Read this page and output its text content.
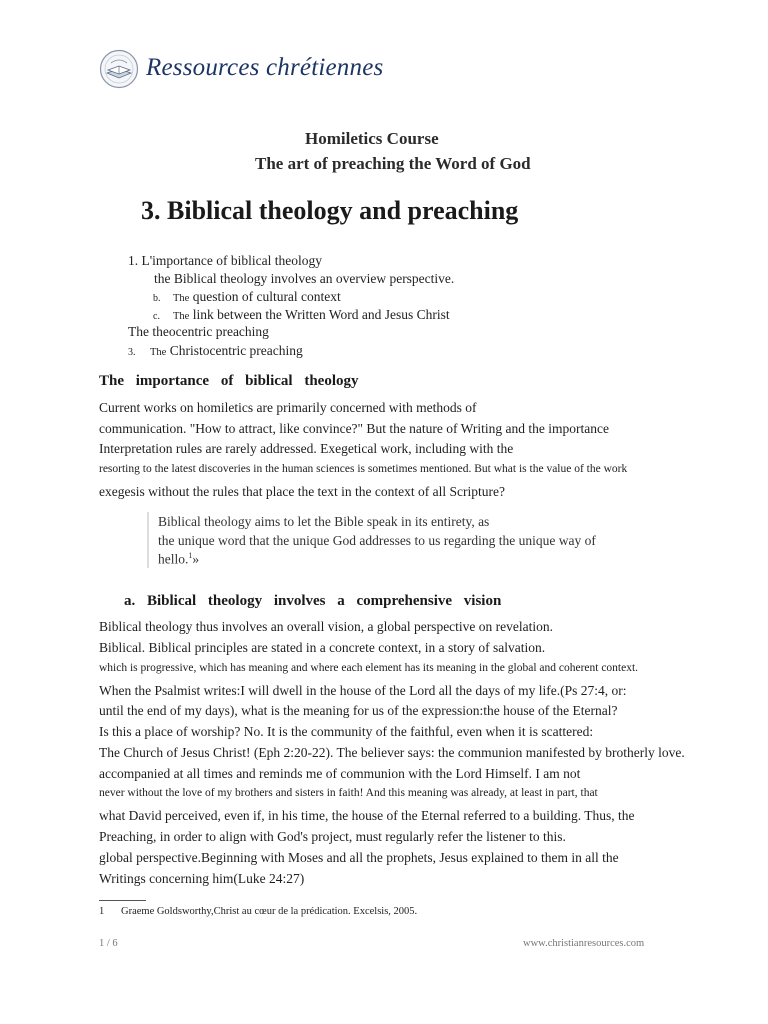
Ressources chrétiennes
Homiletics Course
The art of preaching the Word of God
3. Biblical theology and preaching
1. L'importance of biblical theology
the Biblical theology involves an overview perspective.
b. The question of cultural context
c. The link between the Written Word and Jesus Christ
The theocentric preaching
3. The Christocentric preaching
The importance of biblical theology
Current works on homiletics are primarily concerned with methods of
communication. "How to attract, like convince?" But the nature of Writing and the importance
Interpretation rules are rarely addressed. Exegetical work, including with the
resorting to the latest discoveries in the human sciences is sometimes mentioned. But what is the value of the work
exegesis without the rules that place the text in the context of all Scripture?
Biblical theology aims to let the Bible speak in its entirety, as
the unique word that the unique God addresses to us regarding the unique way of
hello.$^1$»
a. Biblical theology involves a comprehensive vision
Biblical theology thus involves an overall vision, a global perspective on revelation.
Biblical. Biblical principles are stated in a concrete context, in a story of salvation.
which is progressive, which has meaning and where each element has its meaning in the global and coherent context.
When the Psalmist writes:I will dwell in the house of the Lord all the days of my life.(Ps 27:4, or:
until the end of my days), what is the meaning for us of the expression:the house of the Eternal?
Is this a place of worship? No. It is the community of the faithful, even when it is scattered:
The Church of Jesus Christ! (Eph 2:20-22). The believer says: the communion manifested by brotherly love.
accompanied at all times and reminds me of communion with the Lord Himself. I am not
never without the love of my brothers and sisters in faith! And this meaning was already, at least in part, that
what David perceived, even if, in his time, the house of the Eternal referred to a building. Thus, the
Preaching, in order to align with God's project, must regularly refer the listener to this.
global perspective.Beginning with Moses and all the prophets, Jesus explained to them in all the
Writings concerning him(Luke 24:27)
1 Graeme Goldsworthy,Christ au cœur de la prédication. Excelsis, 2005.
1 / 6	www.christianresources.com
